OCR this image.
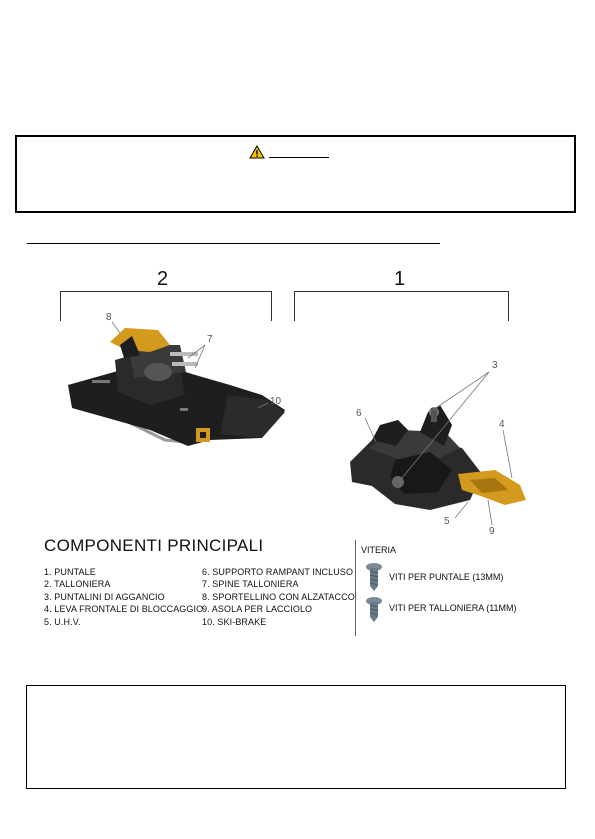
2	1
8
7
10
3
6
4
5
9
COMPONENTI PRINCIPALI
1. PUNTALE
2. TALLONIERA
3. PUNTALINI DI AGGANCIO
4. LEVA FRONTALE DI BLOCCAGGIO
5. U.H.V.
6. SUPPORTO RAMPANT INCLUSO
7. SPINE TALLONIERA
8. SPORTELLINO CON ALZATACCO
9. ASOLA PER LACCIOLO
10. SKI-BRAKE
VITERIA
VITI PER PUNTALE (13MM)
VITI PER TALLONIERA (11MM)
